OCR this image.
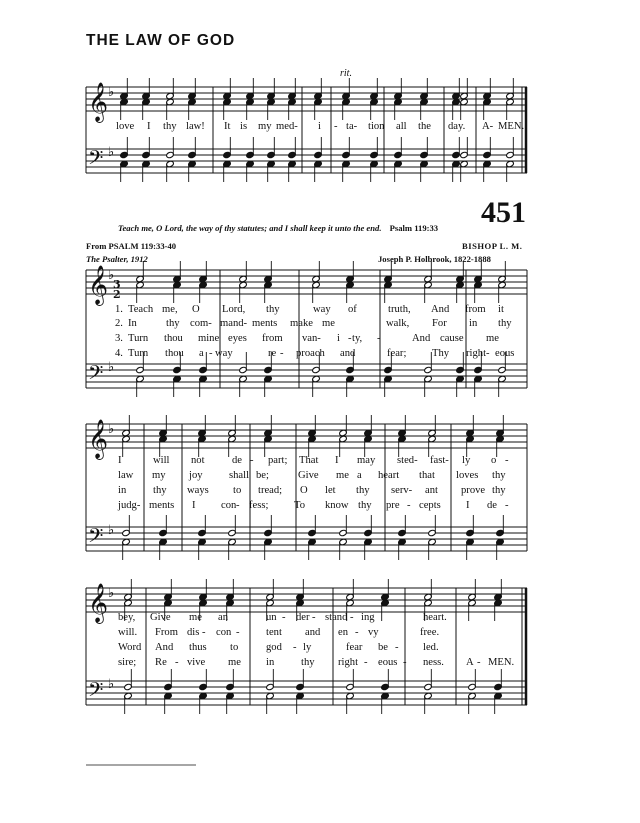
THE LAW OF GOD
𝄞 ♭
𝄢 ♭
𝄞 ♭
𝄢 ♭
3
2
𝄞 ♭
𝄢 ♭
𝄞 ♭
𝄢 ♭
rit.
love I thy law! It is my med- i - ta- tion all the day. A- MEN.
451
Teach me, O Lord, the way of thy statutes; and I shall keep it unto the end. Psalm 119:33
From PSALM 119:33-40
The Psalter, 1912
BISHOP L. M.
Joseph P. Holbrook, 1822-1888
1. Teach me, O Lord, thy	way of	truth, And from it
2. In	thy com- mand- ments make me	walk, For in thy
3. Turn thou mine eyes from van- i - ty, -	And cause me
4. Turn thou a - way	re - proach and	fear; Thy right- eous
I	will not	de - part; That I may sted- fast- ly o -
law my joy shall be;	Give me a heart that loves thy
in	thy ways to tread; O let thy serv- ant prove thy
judg- ments I con - fess; To know thy pre - cepts I de -
bey, Give me an	un - der - stand - ing	heart.
will. From dis - con - tent and en - vy	free.
Word And thus to	god - ly	fear be - led.
sire; Re - vive me in	thy right - eous - ness. A - MEN.
